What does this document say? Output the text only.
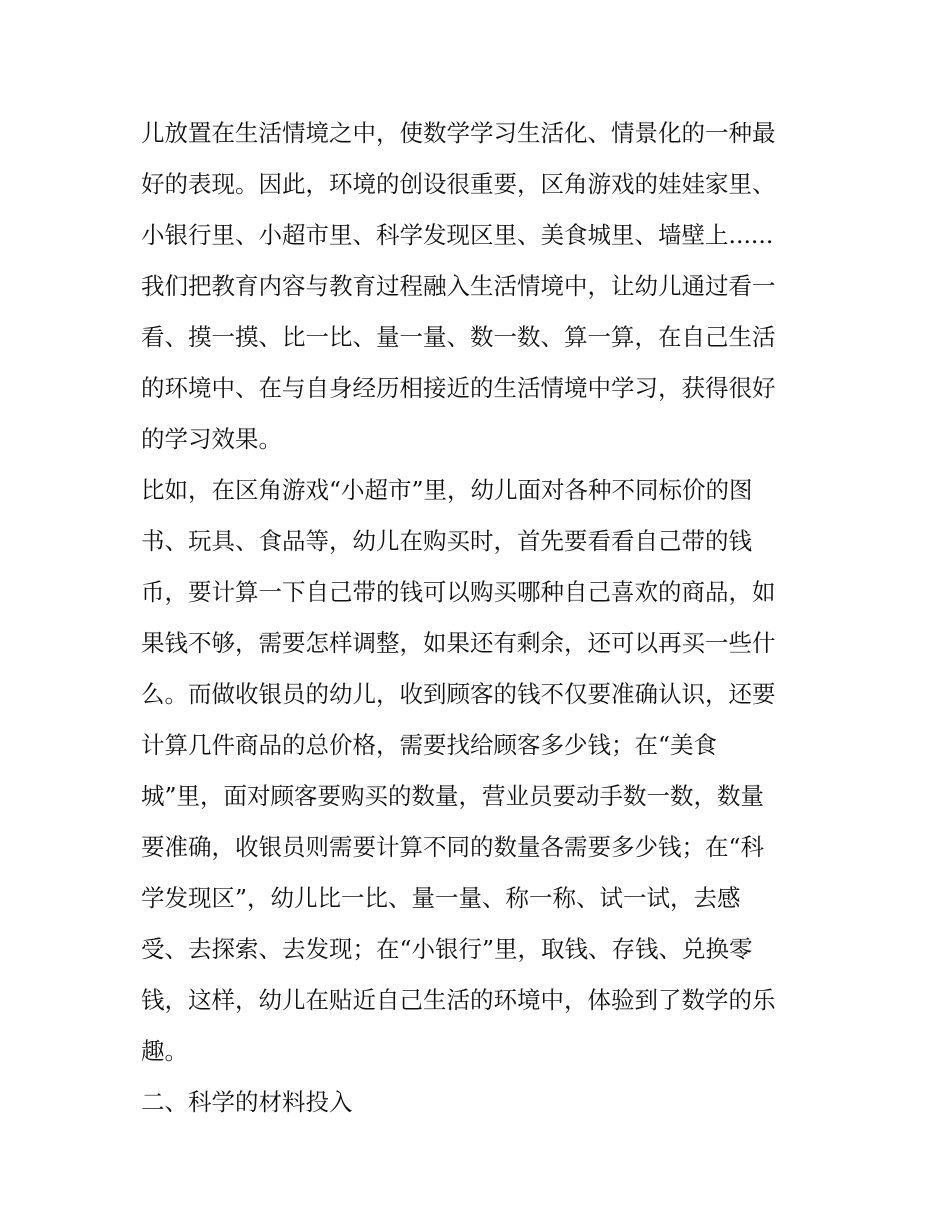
儿放置在生活情境之中，使数学学习生活化、情景化的一种最
好的表现。因此，环境的创设很重要，区角游戏的娃娃家里、
小银行里、小超市里、科学发现区里、美食城里、墙壁上......
我们把教育内容与教育过程融入生活情境中，让幼儿通过看一
看、摸一摸、比一比、量一量、数一数、算一算，在自己生活
的环境中、在与自身经历相接近的生活情境中学习，获得很好
的学习效果。
比如，在区角游戏“小超市”里，幼儿面对各种不同标价的图
书、玩具、食品等，幼儿在购买时，首先要看看自己带的钱
币，要计算一下自己带的钱可以购买哪种自己喜欢的商品，如
果钱不够，需要怎样调整，如果还有剩余，还可以再买一些什
么。而做收银员的幼儿，收到顾客的钱不仅要准确认识，还要
计算几件商品的总价格，需要找给顾客多少钱；在“美食
城”里，面对顾客要购买的数量，营业员要动手数一数，数量
要准确，收银员则需要计算不同的数量各需要多少钱；在“科
学发现区”，幼儿比一比、量一量、称一称、试一试，去感
受、去探索、去发现；在“小银行”里，取钱、存钱、兑换零
钱，这样，幼儿在贴近自己生活的环境中，体验到了数学的乐
趣。
二、科学的材料投入
